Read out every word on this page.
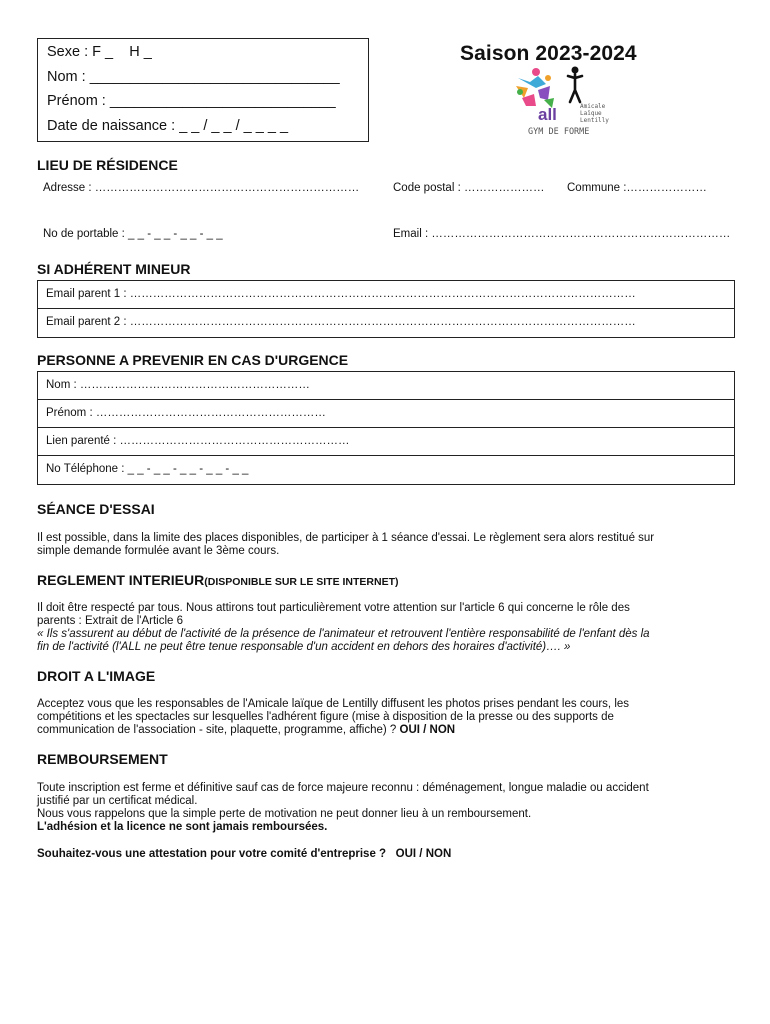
Sexe : F _    H _
Nom : _______________________________
Prénom : ____________________________
Date de naissance : _ _ / _ _ / _ _ _ _
Saison 2023-2024
all	Amicale
Laïque
Lentilly
GYM DE FORME
LIEU DE RÉSIDENCE
Adresse : ……………………………………………………………	Code postal : ………………… Commune :…………………
No de portable : _ _ - _ _ - _ _ - _ _	Email : ……………………………………………………………………
SI ADHÉRENT MINEUR
Email parent 1 : ……………………………………………………………………………………………………………………
Email parent 2 : ……………………………………………………………………………………………………………………
PERSONNE A PREVENIR EN CAS D'URGENCE
Nom : ……………………………………………………
Prénom : ……………………………………………………
Lien parenté : ……………………………………………………
No Téléphone : _ _ - _ _ - _ _ - _ _ - _ _
SÉANCE D'ESSAI
Il est possible, dans la limite des places disponibles, de participer à 1 séance d'essai. Le règlement sera alors restitué sur
simple demande formulée avant le 3ème cours.
REGLEMENT INTERIEUR(DISPONIBLE SUR LE SITE INTERNET)
Il doit être respecté par tous. Nous attirons tout particulièrement votre attention sur l'article 6 qui concerne le rôle des
parents : Extrait de l'Article 6
« Ils s'assurent au début de l'activité de la présence de l'animateur et retrouvent l'entière responsabilité de l'enfant dès la
fin de l'activité (l'ALL ne peut être tenue responsable d'un accident en dehors des horaires d'activité)…. »
DROIT A L'IMAGE
Acceptez vous que les responsables de l'Amicale laïque de Lentilly diffusent les photos prises pendant les cours, les
compétitions et les spectacles sur lesquelles l'adhérent figure (mise à disposition de la presse ou des supports de
communication de l'association - site, plaquette, programme, affiche) ? OUI / NON
REMBOURSEMENT
Toute inscription est ferme et définitive sauf cas de force majeure reconnu : déménagement, longue maladie ou accident
justifié par un certificat médical.
Nous vous rappelons que la simple perte de motivation ne peut donner lieu à un remboursement.
L'adhésion et la licence ne sont jamais remboursées.
Souhaitez-vous une attestation pour votre comité d'entreprise ? OUI / NON
